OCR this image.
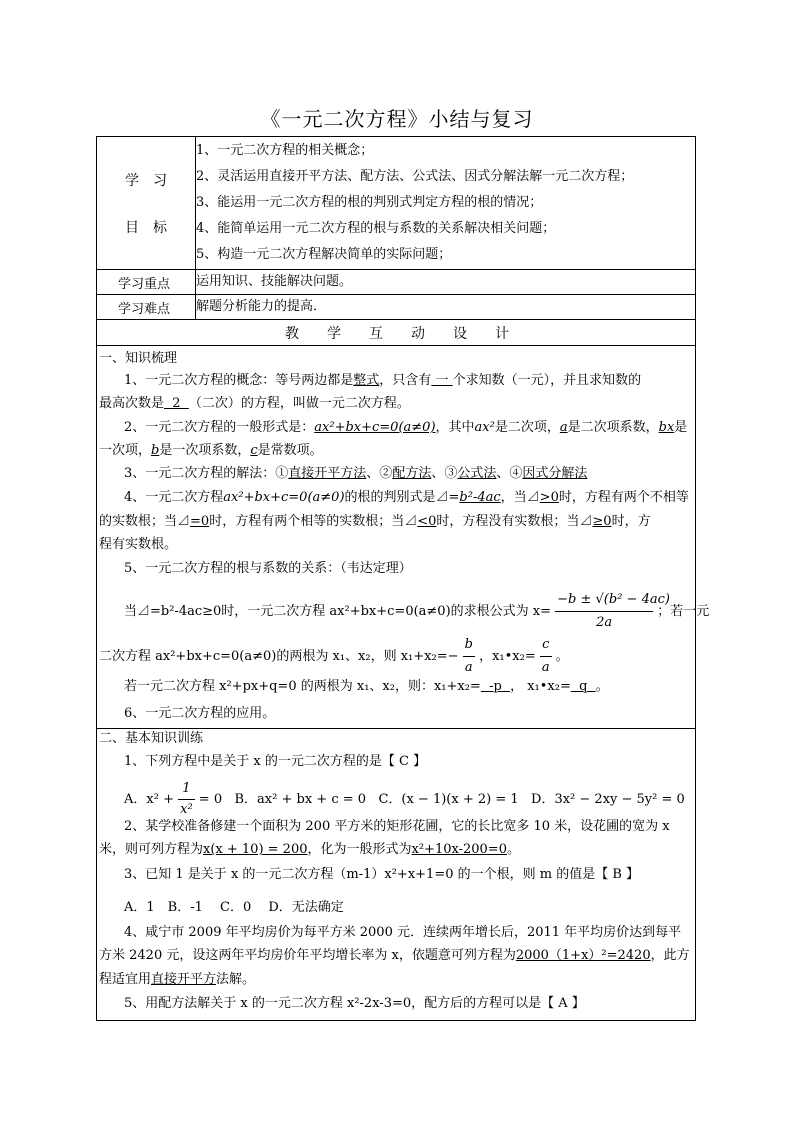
《一元二次方程》小结与复习
学　习
目　标
1、一元二次方程的相关概念；
2、灵活运用直接开平方法、配方法、公式法、因式分解法解一元二次方程；
3、能运用一元二次方程的根的判别式判定方程的根的情况；
4、能简单运用一元二次方程的根与系数的关系解决相关问题；
5、构造一元二次方程解决简单的实际问题；
学习重点 运用知识、技能解决问题。
学习难点 解题分析能力的提高．
教　　学　　互　　动　　设　　计
一、知识梳理
1、一元二次方程的概念：等号两边都是整式，只含有 一 个求知数（一元），并且求知数的
最高次数是 2 （二次）的方程，叫做一元二次方程。
2、一元二次方程的一般形式是：ax²+bx+c=0(a≠0)，其中ax²是二次项，a是二次项系数，bx是
一次项，b是一次项系数，c是常数项。
3、一元二次方程的解法：①直接开平方法、②配方法、③公式法、④因式分解法
4、一元二次方程ax²+bx+c=0(a≠0)的根的判别式是⊿=b²-4ac，当⊿>0时，方程有两个不相等
的实数根；当⊿=0时，方程有两个相等的实数根；当⊿<0时，方程没有实数根；当⊿≥0时，方
程有实数根。
5、一元二次方程的根与系数的关系：（韦达定理）
当⊿=b²-4ac≥0时，一元二次方程 ax²+bx+c=0(a≠0)的求根公式为 $x= \frac{\text{−b ± √(b² − 4ac)}}{2a}$ ；若一元
二次方程 ax²+bx+c=0(a≠0)的两根为 x₁、x₂，则 $x_1+x_2=- \frac{b}{a}$ ，x₁•x₂= $\frac{c}{a}$ 。
若一元二次方程 x²+px+q=0 的两根为 x₁、x₂，则：x₁+x₂= -p ， x₁•x₂= q 。
6、一元二次方程的应用。
二、基本知识训练
1、下列方程中是关于 x 的一元二次方程的是【 C 】
A．$x^2 + \frac{1}{\text{x²}} = 0$ B．ax² + bx + c = 0 C．(x − 1)(x + 2) = 1 D．3x² − 2xy − 5y² = 0
2、某学校准备修建一个面积为 200 平方米的矩形花圃，它的长比宽多 10 米，设花圃的宽为 x
米，则可列方程为x(x + 10) = 200，化为一般形式为x²+10x-200=0。
3、已知 1 是关于 x 的一元二次方程（m-1）x²+x+1=0 的一个根，则 m 的值是【 B 】
A．1　B．-1　 C．0　 D．无法确定
4、咸宁市 2009 年平均房价为每平方米 2000 元．连续两年增长后，2011 年平均房价达到每平
方米 2420 元，设这两年平均房价年平均增长率为 x，依题意可列方程为2000（1+x）²=2420，此方
程适宜用直接开平方法解。
5、用配方法解关于 x 的一元二次方程 x²-2x-3=0，配方后的方程可以是【 A 】
